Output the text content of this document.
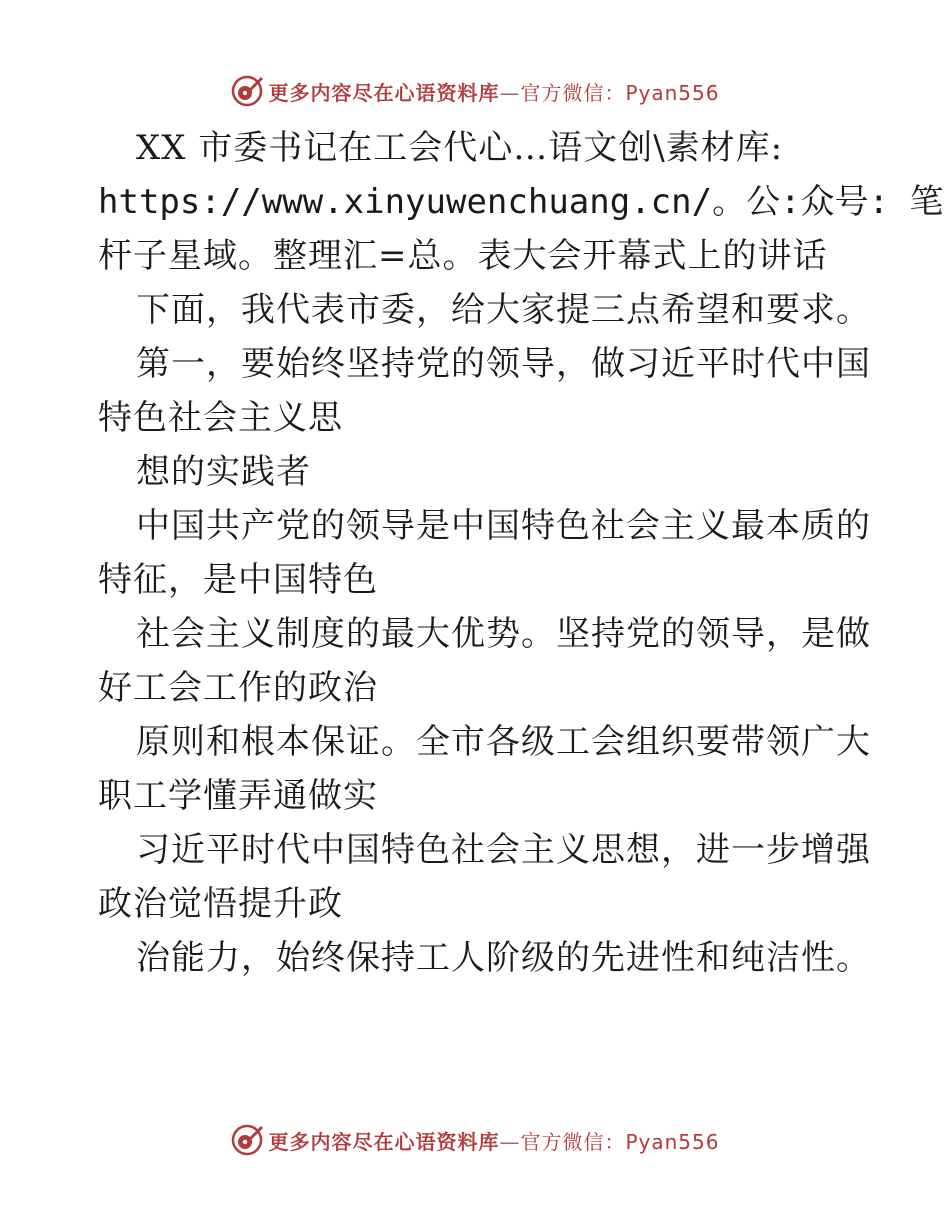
更多内容尽在心语资料库—官方微信：Pyan556
XX 市委书记在工会代心…语文创\素材库:
https://www.xinyuwenchuang.cn/。公:众号: 笔
杆子星域。整理汇=总。表大会开幕式上的讲话
下面，我代表市委，给大家提三点希望和要求。
第一，要始终坚持党的领导，做习近平时代中国
特色社会主义思
想的实践者
中国共产党的领导是中国特色社会主义最本质的
特征，是中国特色
社会主义制度的最大优势。坚持党的领导，是做
好工会工作的政治
原则和根本保证。全市各级工会组织要带领广大
职工学懂弄通做实
习近平时代中国特色社会主义思想，进一步增强
政治觉悟提升政
治能力，始终保持工人阶级的先进性和纯洁性。
更多内容尽在心语资料库—官方微信：Pyan556
